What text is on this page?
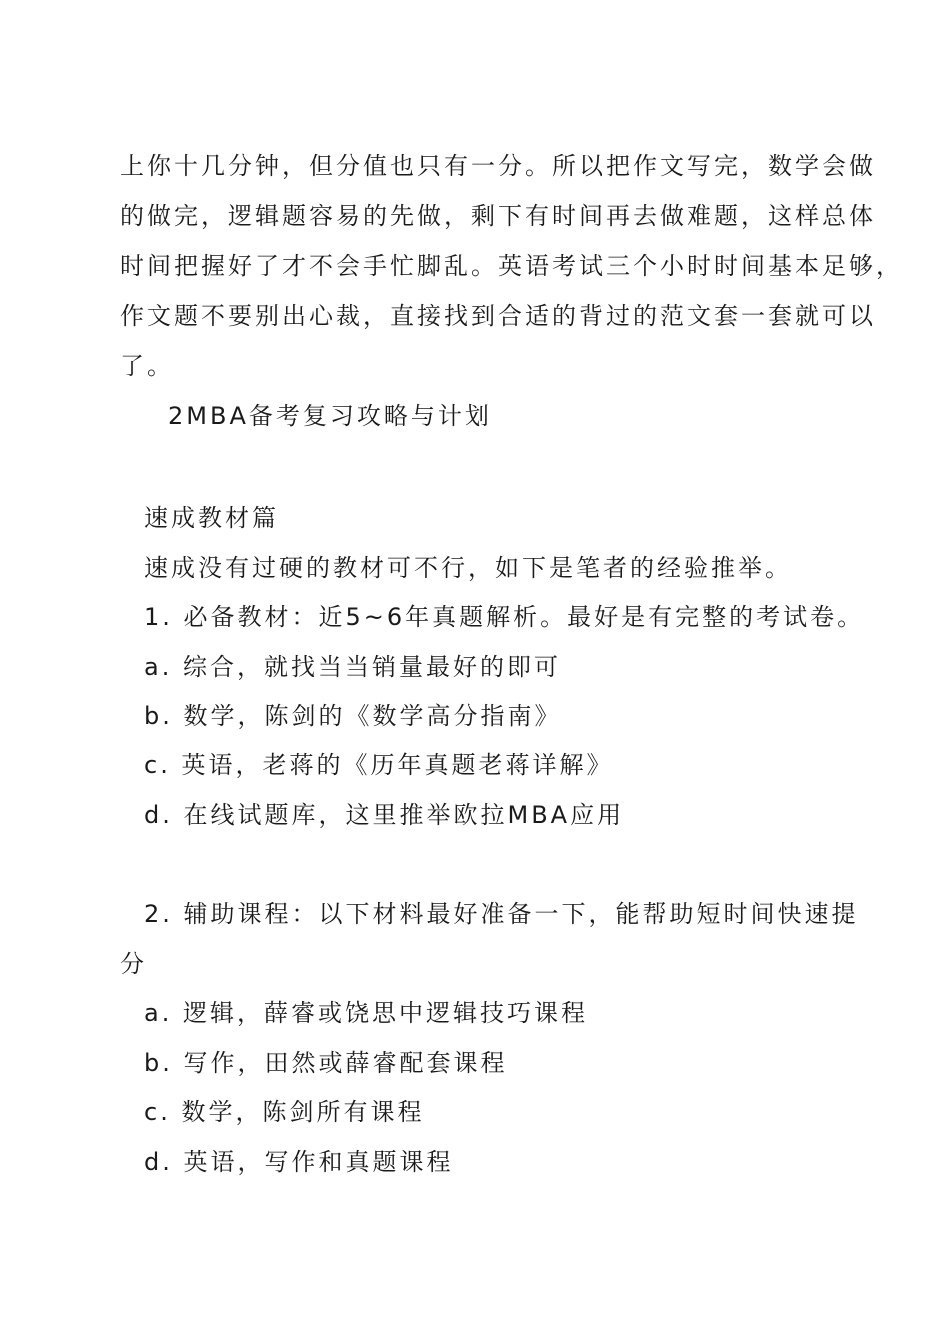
上你十几分钟，但分值也只有一分。所以把作文写完，数学会做

的做完，逻辑题容易的先做，剩下有时间再去做难题，这样总体

时间把握好了才不会手忙脚乱。英语考试三个小时时间基本足够，

作文题不要别出心裁，直接找到合适的背过的范文套一套就可以

了。

2MBA备考复习攻略与计划

速成教材篇

速成没有过硬的教材可不行，如下是笔者的经验推举。

1. 必备教材：近5~6年真题解析。最好是有完整的考试卷。

a. 综合，就找当当销量最好的即可

b. 数学，陈剑的《数学高分指南》

c. 英语，老蒋的《历年真题老蒋详解》

d. 在线试题库，这里推举欧拉MBA应用

2. 辅助课程：以下材料最好准备一下，能帮助短时间快速提

分

a. 逻辑，薛睿或饶思中逻辑技巧课程

b. 写作，田然或薛睿配套课程

c. 数学，陈剑所有课程

d. 英语，写作和真题课程
